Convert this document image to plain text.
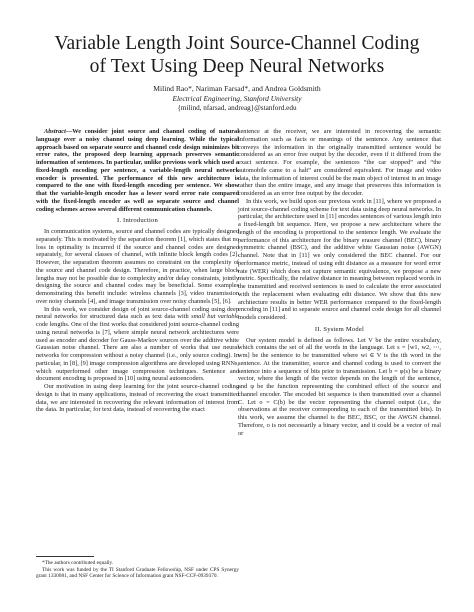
Variable Length Joint Source-Channel Coding
of Text Using Deep Neural Networks
Milind Rao*, Nariman Farsad*, and Andrea Goldsmith
Electrical Engineering, Stanford University
{milind, nfarsad, andreag}@stanford.edu

Abstract—We consider joint source and channel coding of natural language over a noisy channel using deep learning. While the typical approach based on separate source and channel code design minimizes bit error rates, the proposed deep learning approach preserves semantic information of sentences. In particular, unlike previous work which used a fixed-length encoding per sentence, a variable-length neural network encoder is presented. The performance of this new architecture is compared to the one with fixed-length encoding per sentence. We show that the variable-length encoder has a lower word error rate compared with the fixed-length encoder as well as separate source and channel coding schemes across several different communication channels.

I. Introduction

In communication systems, source and channel codes are typically designed separately. This is motivated by the separation theorem [1], which states that no loss in optimality is incurred if the source and channel codes are designed separately, for several classes of channel, with infinite block length codes [2]. However, the separation theorem assumes no constraint on the complexity of the source and channel code design. Therefore, in practice, when large block lengths may not be possible due to complexity and/or delay constraints, jointly designing the source and channel codes may be beneficial. Some examples demonstrating this benefit include: wireless channels [3], video transmission over noisy channels [4], and image transmission over noisy channels [5], [6].

In this work, we consider design of joint source-channel coding using deep neural networks for structured data such as text data with small but variable code lengths. One of the first works that considered joint source-channel coding using neural networks is [7], where simple neural network architectures were used as encoder and decoder for Gauss-Markov sources over the additive white Gaussian noise channel. There are also a number of works that use neural networks for compression without a noisy channel (i.e., only source coding). In particular, in [8], [9] image compression algorithms are developed using RNNs, which outperformed other image compression techniques. Sentence and document encoding is proposed in [10] using neural autoencoders.

Our motivation in using deep learning for the joint source-channel coding design is that in many applications, instead of recovering the exact transmitted data, we are interested in recovering the relevant information of interest from the data. In particular, for text data, instead of recovering the exact

*The authors contributed equally.
This work was funded by the TI Stanford Graduate Fellowship, NSF under CPS Synergy grant 1330081, and NSF Center for Science of Information grant NSF-CCF-0939370.

sentence at the receiver, we are interested in recovering the semantic information such as facts or meanings of the sentence. Any sentence that conveys the information in the originally transmitted sentence would be considered as an error free output by the decoder, even if it differed from the exact sentence. For example, the sentences “the car stopped” and “the automobile came to a halt” are considered equivalent. For image and video data, the information of interest could be the main object of interest in an image rather than the entire image, and any image that preserves this information is considered as an error free output by the decoder.

In this work, we build upon our previous work in [11], where we proposed a joint source-channel coding scheme for text data using deep neural networks. In particular, the architecture used in [11] encodes sentences of various length into a fixed-length bit sequence. Here, we propose a new architecture where the length of the encoding is proportional to the sentence length. We evaluate the performance of this architecture for the binary erasure channel (BEC), binary symmetric channel (BSC), and the additive white Gaussian noise (AWGN) channel. Note that in [11] we only considered the BEC channel. For our performance metric, instead of using edit distance as a measure for word error rate (WER) which does not capture semantic equivalence, we propose a new metric. Specifically, the relative distance in meaning between replaced words in the transmitted and received sentences is used to calculate the error associated with the replacement when evaluating edit distance. We show that this new architecture results in better WER performance compared to the fixed-length encoding in [11] and to separate source and channel code design for all channel models considered.

II. System Model

Our system model is defined as follows. Let V be the entire vocabulary, which contains the set of all the words in the language. Let s = [w1, w2, ⋯, wm] be the sentence to be transmitted where wi ∈ V is the ith word in the sentence. At the transmitter, source and channel coding is used to convert the sentence into a sequence of bits prior to transmission. Let b = φ(s) be a binary vector, where the length of the vector depends on the length of the sentence, and φ be the function representing the combined effect of the source and channel encoder. The encoded bit sequence is then transmitted over a channel C. Let o = C(b) be the vector representing the channel output (i.e., the observations at the receiver corresponding to each of the transmitted bits). In this work, we assume the channel is the BEC, BSC, or the AWGN channel. Therefore, o is not necessarily a binary vector, and it could be a vector of real or
